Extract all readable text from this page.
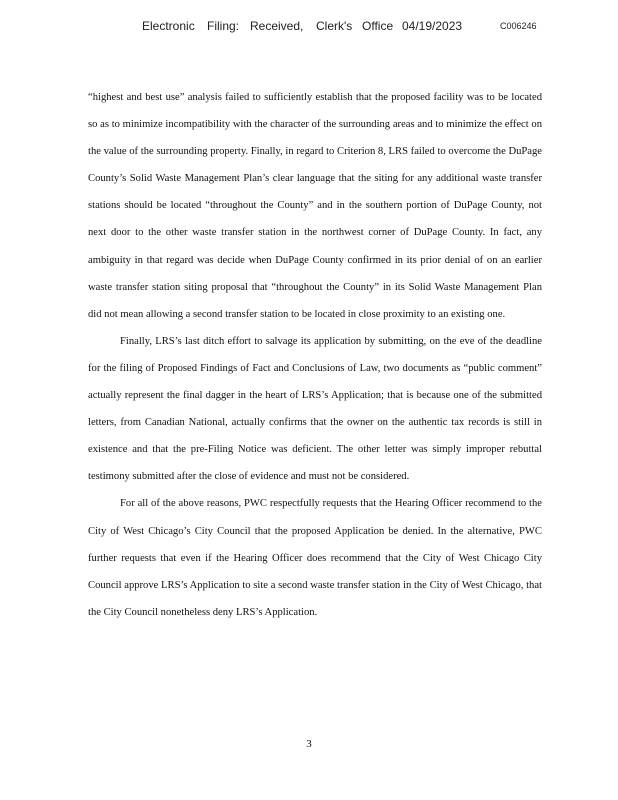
Electronic Filing: Received, Clerk's Office 04/19/2023	C006246

“highest and best use” analysis failed to sufficiently establish that the proposed facility was to be located so as to minimize incompatibility with the character of the surrounding areas and to minimize the effect on the value of the surrounding property. Finally, in regard to Criterion 8, LRS failed to overcome the DuPage County’s Solid Waste Management Plan’s clear language that the siting for any additional waste transfer stations should be located “throughout the County” and in the southern portion of DuPage County, not next door to the other waste transfer station in the northwest corner of DuPage County. In fact, any ambiguity in that regard was decide when DuPage County confirmed in its prior denial of on an earlier waste transfer station siting proposal that “throughout the County” in its Solid Waste Management Plan did not mean allowing a second transfer station to be located in close proximity to an existing one.

Finally, LRS’s last ditch effort to salvage its application by submitting, on the eve of the deadline for the filing of Proposed Findings of Fact and Conclusions of Law, two documents as “public comment” actually represent the final dagger in the heart of LRS’s Application; that is because one of the submitted letters, from Canadian National, actually confirms that the owner on the authentic tax records is still in existence and that the pre-Filing Notice was deficient. The other letter was simply improper rebuttal testimony submitted after the close of evidence and must not be considered.

For all of the above reasons, PWC respectfully requests that the Hearing Officer recommend to the City of West Chicago’s City Council that the proposed Application be denied. In the alternative, PWC further requests that even if the Hearing Officer does recommend that the City of West Chicago City Council approve LRS’s Application to site a second waste transfer station in the City of West Chicago, that the City Council nonetheless deny LRS’s Application.

3
